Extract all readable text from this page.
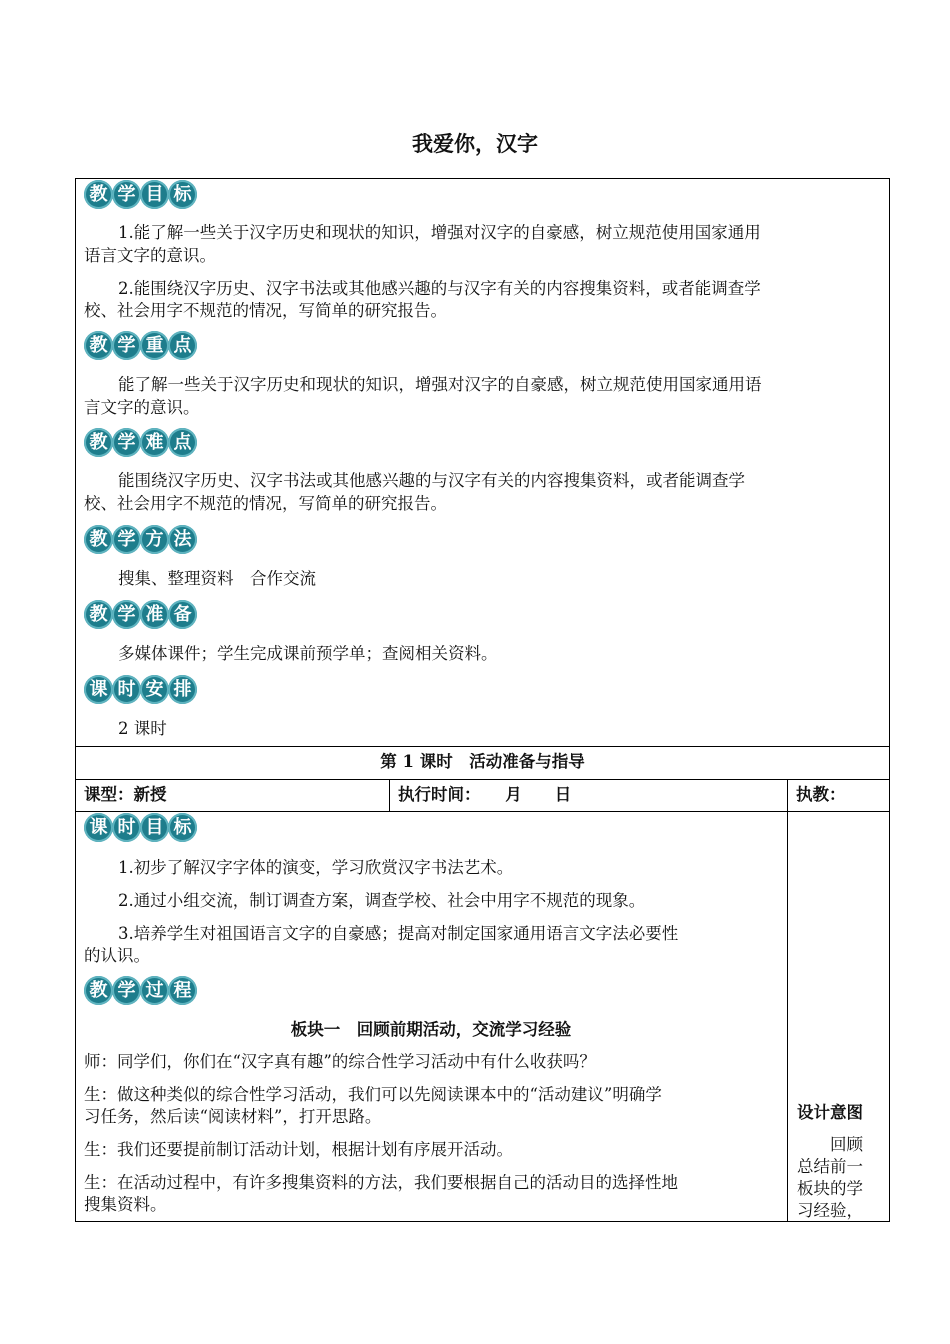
我爱你，汉字
教 学 目 标
1.能了解一些关于汉字历史和现状的知识，增强对汉字的自豪感，树立规范使用国家通用
语言文字的意识。
2.能围绕汉字历史、汉字书法或其他感兴趣的与汉字有关的内容搜集资料，或者能调查学
校、社会用字不规范的情况，写简单的研究报告。
教 学 重 点
能了解一些关于汉字历史和现状的知识，增强对汉字的自豪感，树立规范使用国家通用语
言文字的意识。
教 学 难 点
能围绕汉字历史、汉字书法或其他感兴趣的与汉字有关的内容搜集资料，或者能调查学
校、社会用字不规范的情况，写简单的研究报告。
教 学 方 法
搜集、整理资料　合作交流
教 学 准 备
多媒体课件；学生完成课前预学单；查阅相关资料。
课 时 安 排
2 课时
第 1 课时　活动准备与指导
课型：新授	执行时间：　　月　　日	执教：
课 时 目 标
1.初步了解汉字字体的演变，学习欣赏汉字书法艺术。
2.通过小组交流，制订调查方案，调查学校、社会中用字不规范的现象。
3.培养学生对祖国语言文字的自豪感；提高对制定国家通用语言文字法必要性
的认识。
教 学 过 程
板块一　回顾前期活动，交流学习经验
师：同学们，你们在“汉字真有趣”的综合性学习活动中有什么收获吗？
生：做这种类似的综合性学习活动，我们可以先阅读课本中的“活动建议”明确学
习任务，然后读“阅读材料”，打开思路。
生：我们还要提前制订活动计划，根据计划有序展开活动。
生：在活动过程中，有许多搜集资料的方法，我们要根据自己的活动目的选择性地
搜集资料。
设计意图
回顾
总结前一
板块的学
习经验，
